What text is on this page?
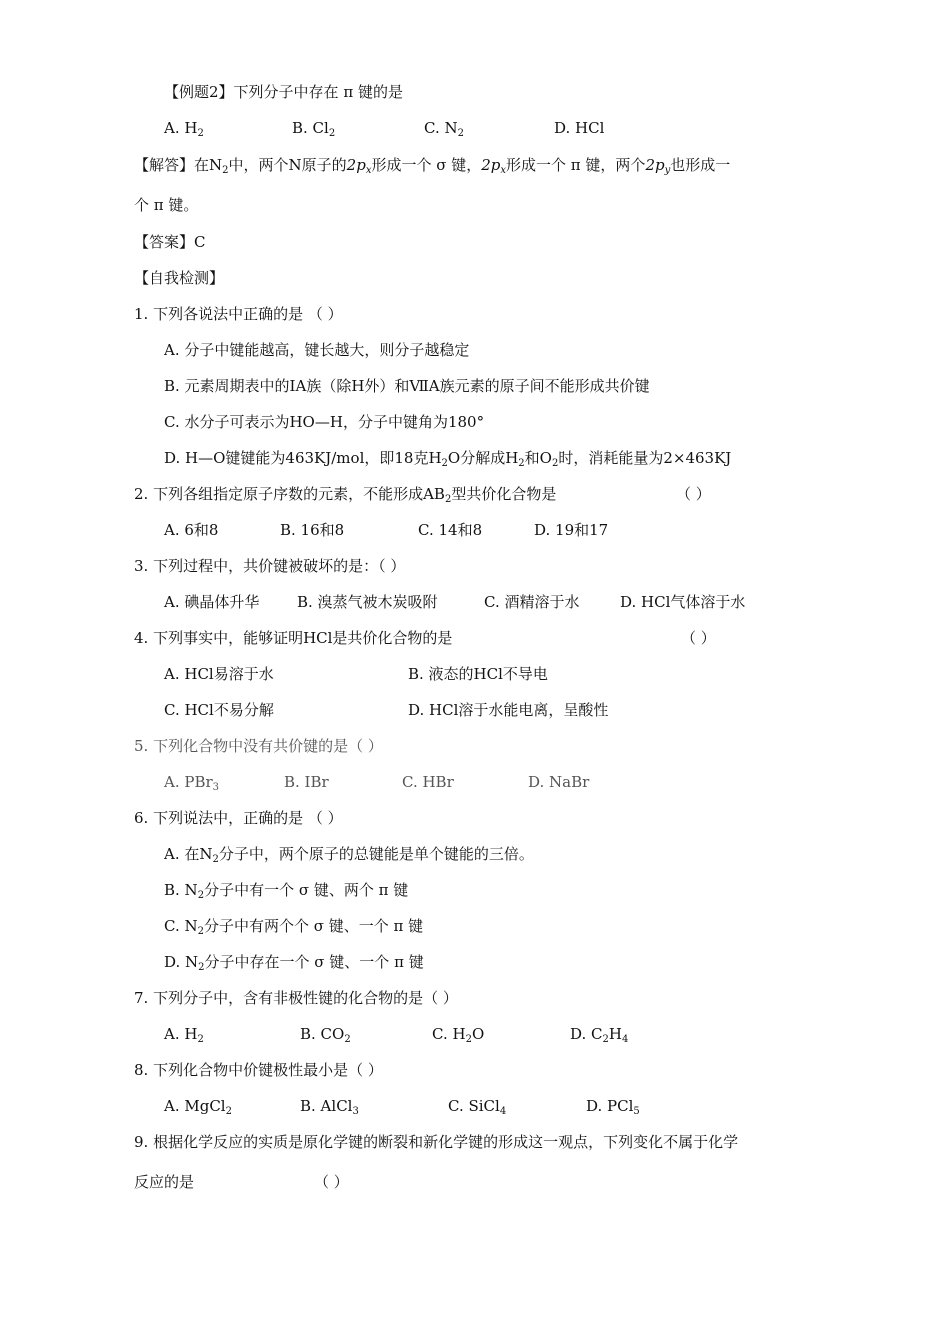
【例题2】下列分子中存在 π 键的是
A. $H_2$	B. $Cl_2$	C. $N_2$	D. HCl
【解答】在$N_2$中，两个N原子的$2p_x$形成一个 σ 键，$2p_x$形成一个 π 键，两个$2p_y$也形成一
个 π 键。
【答案】C
【自我检测】
1. 下列各说法中正确的是 （ ）
A. 分子中键能越高，键长越大，则分子越稳定
B. 元素周期表中的ⅠA族（除H外）和ⅦA族元素的原子间不能形成共价键
C. 水分子可表示为HO—H，分子中键角为180°
D. H—O键键能为463KJ/mol，即18克$H_2O$分解成$H_2$和$O_2$时，消耗能量为2×463KJ
2. 下列各组指定原子序数的元素，不能形成$AB_2$型共价化合物是	（ ）
A. 6和8	B. 16和8	C. 14和8	D. 19和17
3. 下列过程中，共价键被破坏的是：（ ）
A. 碘晶体升华	B. 溴蒸气被木炭吸附	C. 酒精溶于水	D. HCl气体溶于水
4. 下列事实中，能够证明HCl是共价化合物的是	（ ）
A. HCl易溶于水	B. 液态的HCl不导电
C. HCl不易分解	D. HCl溶于水能电离，呈酸性
5. 下列化合物中没有共价键的是（ ）
A. PBr$_3$	B. IBr	C. HBr	D. NaBr
6. 下列说法中，正确的是 （ ）
A. 在$N_2$分子中，两个原子的总键能是单个键能的三倍。
B. $N_2$分子中有一个 σ 键、两个 π 键
C. $N_2$分子中有两个个 σ 键、一个 π 键
D. $N_2$分子中存在一个 σ 键、一个 π 键
7. 下列分子中，含有非极性键的化合物的是（ ）
A. $H_2$	B. $CO_2$	C. $H_2O$	D. $C_2H_4$
8. 下列化合物中价键极性最小是（ ）
A. MgCl$_2$	B. AlCl$_3$	C. SiCl$_4$	D. PCl$_5$
9. 根据化学反应的实质是原化学键的断裂和新化学键的形成这一观点，下列变化不属于化学
反应的是	（ ）
